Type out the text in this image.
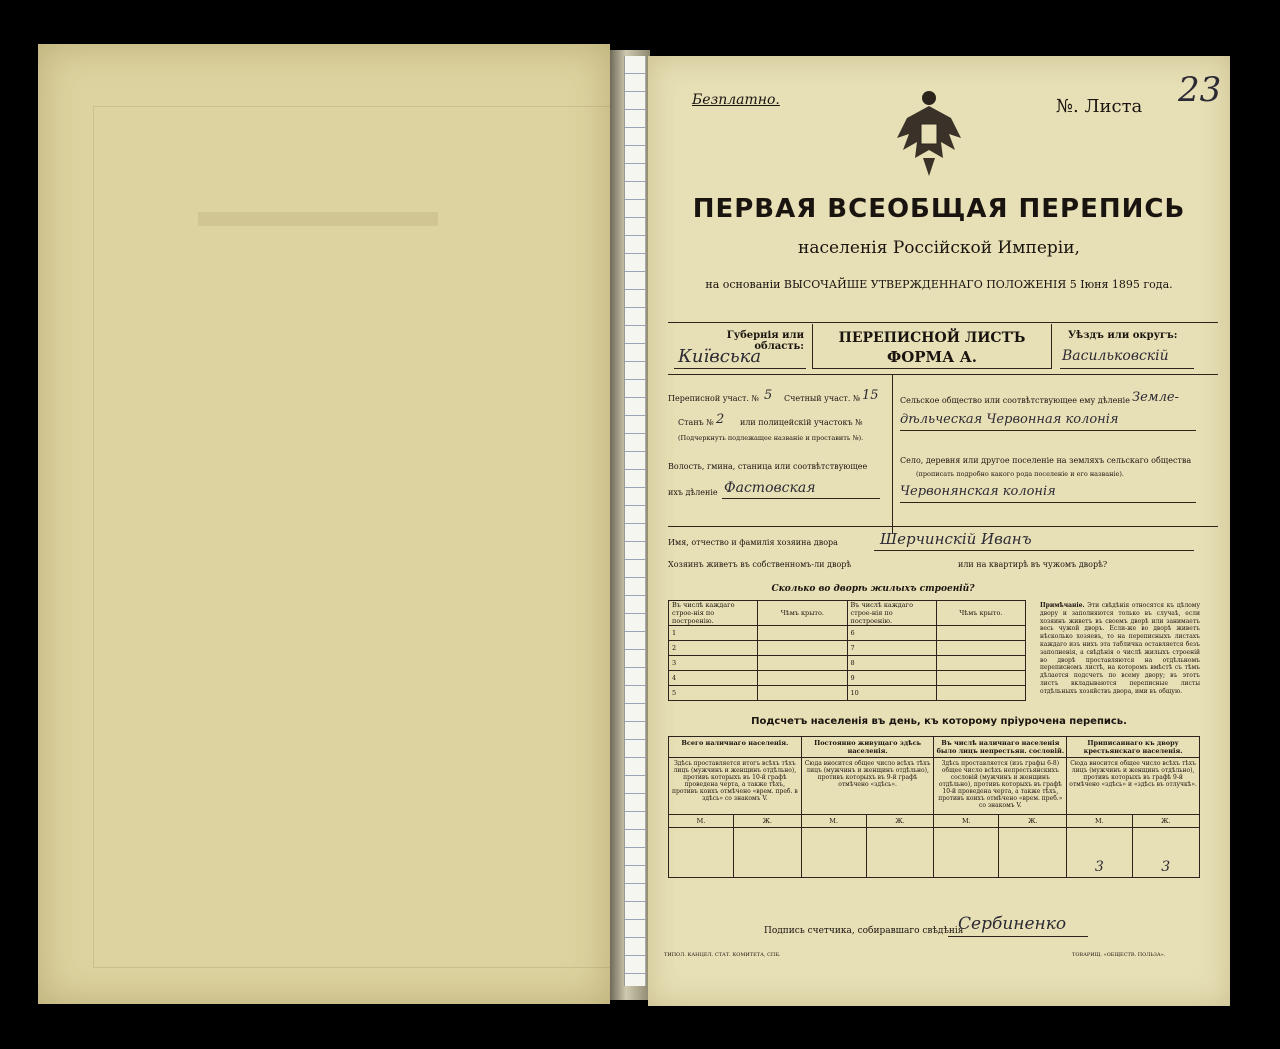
Безплатно.	№. Листа 23
ПЕРВАЯ ВСЕОБЩАЯ ПЕРЕПИСЬ
населенія Россійской Имперіи,
на основаніи ВЫСОЧАЙШЕ УТВЕРЖДЕННАГО ПОЛОЖЕНІЯ 5 Іюня 1895 года.
Губернія или область:
Київська
ПЕРЕПИСНОЙ ЛИСТЪ
ФОРМА А.
Уѣздъ или округъ:
Васильковскій
Переписной участ. № 5 Счетный участ. № 15
Станъ № 2 или полицейскій участокъ №
(Подчеркнуть подлежащее названіе и проставить №).
Волость, гмина, станица или соотвѣтствующее
ихъ дѣленіе Фастовская
Сельское общество или соотвѣтствующее ему дѣленіе Земле-
дѣльческая Червонная колонія
Село, деревня или другое поселеніе на земляхъ сельскаго общества
(прописать подробно какого рода поселеніе и его названіе).
Червонянская колонія
Имя, отчество и фамилія хозяина двора	Шерчинскій Иванъ
Хозяинъ живетъ въ собственномъ-ли дворѣ	или на квартирѣ въ чужомъ дворѣ?
Сколько во дворѣ жилыхъ строеній?
Въ числѣ каждаго строе-нія по построенію.	Чѣмъ крыто.	Въ числѣ каждаго строе-нія по построенію.	Чѣмъ крыто.
1		6	
2		7	
3		8	
4		9	
5		10	
Примѣчаніе. Эти свѣдѣнія относятся къ цѣлому двору и заполняются только въ случаѣ, если хозяинъ живетъ въ своемъ дворѣ или занимаетъ весь чужой дворъ. Если-же во дворѣ живетъ нѣсколько хозяевъ, то на переписныхъ листахъ каждаго изъ нихъ эта табличка оставляется безъ заполненія, а свѣдѣнія о числѣ жилыхъ строеній во дворѣ проставляются на отдѣльномъ переписномъ листѣ, на которомъ вмѣстѣ съ тѣмъ дѣлается подсчетъ по всему двору; въ этотъ листъ вкладываются переписные листы отдѣльныхъ хозяйствъ двора, ими въ общую.
Подсчетъ населенія въ день, къ которому пріурочена перепись.
Всего наличнаго населенія.		Постоянно живущаго здѣсь населенія.		Въ числѣ наличнаго населенія было лицъ непрестьян. сословій.		Приписаннаго къ двору крестьянскаго населенія.	
Здѣсь проставляется итогъ всѣхъ тѣхъ лицъ (мужчинъ и женщинъ отдѣльно), противъ которыхъ въ 10-й графѣ проведена черта, а также тѣхъ, противъ коихъ отмѣчено «врем. преб. в здѣсь» со знакомъ V.		Сюда вносится общее число всѣхъ тѣхъ лицъ (мужчинъ и женщинъ отдѣльно), противъ которыхъ въ 9-й графѣ отмѣчено «здѣсь».		Здѣсь проставляется (изъ графы 6-8) общее число всѣхъ непрестьянскихъ сословій (мужчинъ и женщинъ отдѣльно), противъ которыхъ въ графѣ 10-й проведена черта, а также тѣхъ, противъ коихъ отмѣчено «врем. преб.» со знакомъ V.		Сюда вносится общее число всѣхъ тѣхъ лицъ (мужчинъ и женщинъ отдѣльно), противъ которыхъ въ графѣ 9-й отмѣчено «здѣсь» и «здѣсь въ отлучкѣ».	
М.	Ж.	М.	Ж.	М.	Ж.	М.	Ж.
						3	3
Подпись счетчика, собиравшаго свѣдѣнія
Сербиненко
ТИПОЛ. КАНЦЕЛ. СТАТ. КОМИТЕТА, СПБ.	ТОВАРИЩ. «ОБЩЕСТВ. ПОЛЬЗА».
